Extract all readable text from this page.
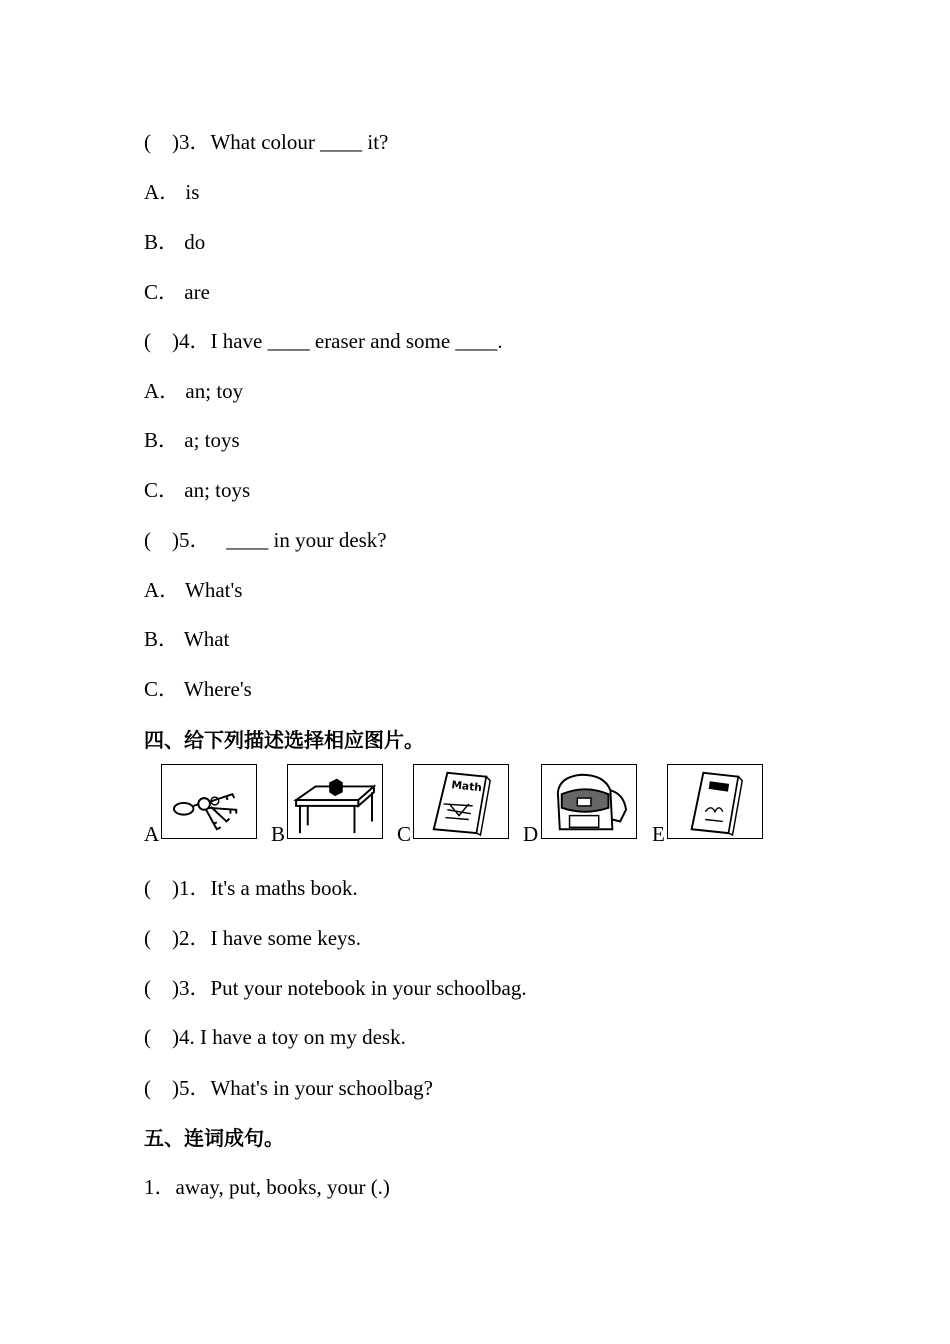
(    )3．What colour ____ it?
A． is
B． do
C． are
(    )4．I have ____ eraser and some ____.
A． an; toy
B． a; toys
C． an; toys
(    )5．   ____ in your desk?
A． What's
B． What
C． Where's
四、给下列描述选择相应图片。
A	B	C
Math
D	E
(    )1．It's a maths book.
(    )2．I have some keys.
(    )3．Put your notebook in your schoolbag.
(    )4. I have a toy on my desk.
(    )5．What's in your schoolbag?
五、连词成句。
1．away, put, books, your (.)
